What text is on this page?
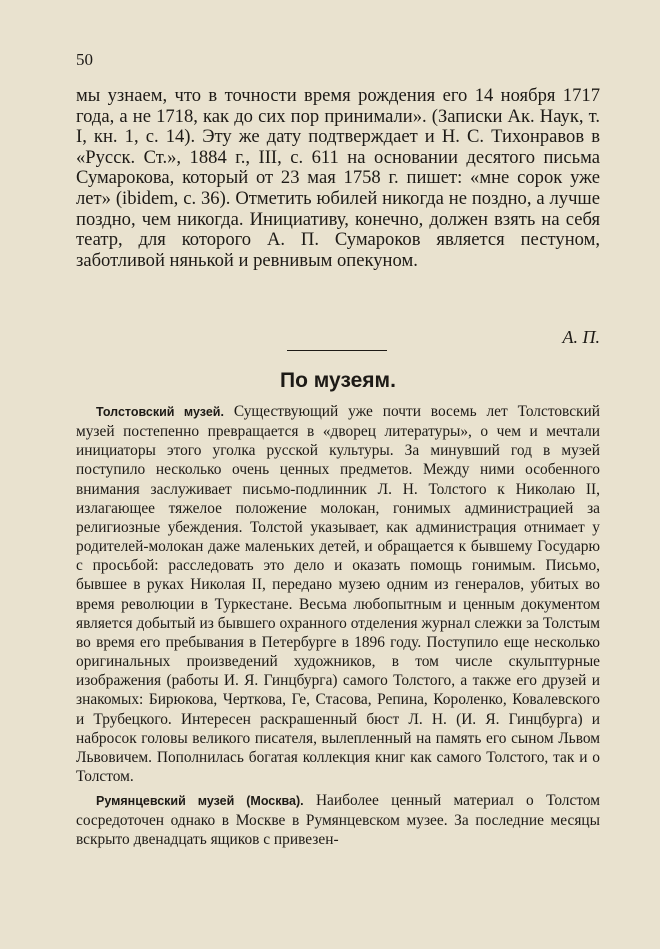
50

мы узнаем, что в точности время рождения его 14 ноября 1717 года, а не 1718, как до сих пор принимали». (Записки Ак. Наук, т. I, кн. 1, с. 14). Эту же дату подтверждает и Н. С. Тихонравов в «Русск. Ст.», 1884 г., III, с. 611 на основании десятого письма Сумарокова, который от 23 мая 1758 г. пишет: «мне сорок уже лет» (ibidem, с. 36). Отметить юбилей никогда не поздно, а лучше поздно, чем никогда. Инициативу, конечно, должен взять на себя театр, для которого А. П. Сумароков является пестуном, заботливой нянькой и ревнивым опекуном.

А. П.
По музеям.

Толстовский музей. Существующий уже почти восемь лет Толстовский музей постепенно превращается в «дворец литературы», о чем и мечтали инициаторы этого уголка русской культуры. За минувший год в музей поступило несколько очень ценных предметов. Между ними особенного внимания заслуживает письмо-подлинник Л. Н. Толстого к Николаю II, излагающее тяжелое положение молокан, гонимых администрацией за религиозные убеждения. Толстой указывает, как администрация отнимает у родителей-молокан даже маленьких детей, и обращается к бывшему Государю с просьбой: расследовать это дело и оказать помощь гонимым. Письмо, бывшее в руках Николая II, передано музею одним из генералов, убитых во время революции в Туркестане. Весьма любопытным и ценным документом является добытый из бывшего охранного отделения журнал слежки за Толстым во время его пребывания в Петербурге в 1896 году. Поступило еще несколько оригинальных произведений художников, в том числе скульптурные изображения (работы И. Я. Гинцбурга) самого Толстого, а также его друзей и знакомых: Бирюкова, Черткова, Ге, Стасова, Репина, Короленко, Ковалевского и Трубецкого. Интересен раскрашенный бюст Л. Н. (И. Я. Гинцбурга) и набросок головы великого писателя, вылепленный на память его сыном Львом Львовичем. Пополнилась богатая коллекция книг как самого Толстого, так и о Толстом.

Румянцевский музей (Москва). Наиболее ценный материал о Толстом сосредоточен однако в Москве в Румянцевском музее. За последние месяцы вскрыто двенадцать ящиков с привезен-
